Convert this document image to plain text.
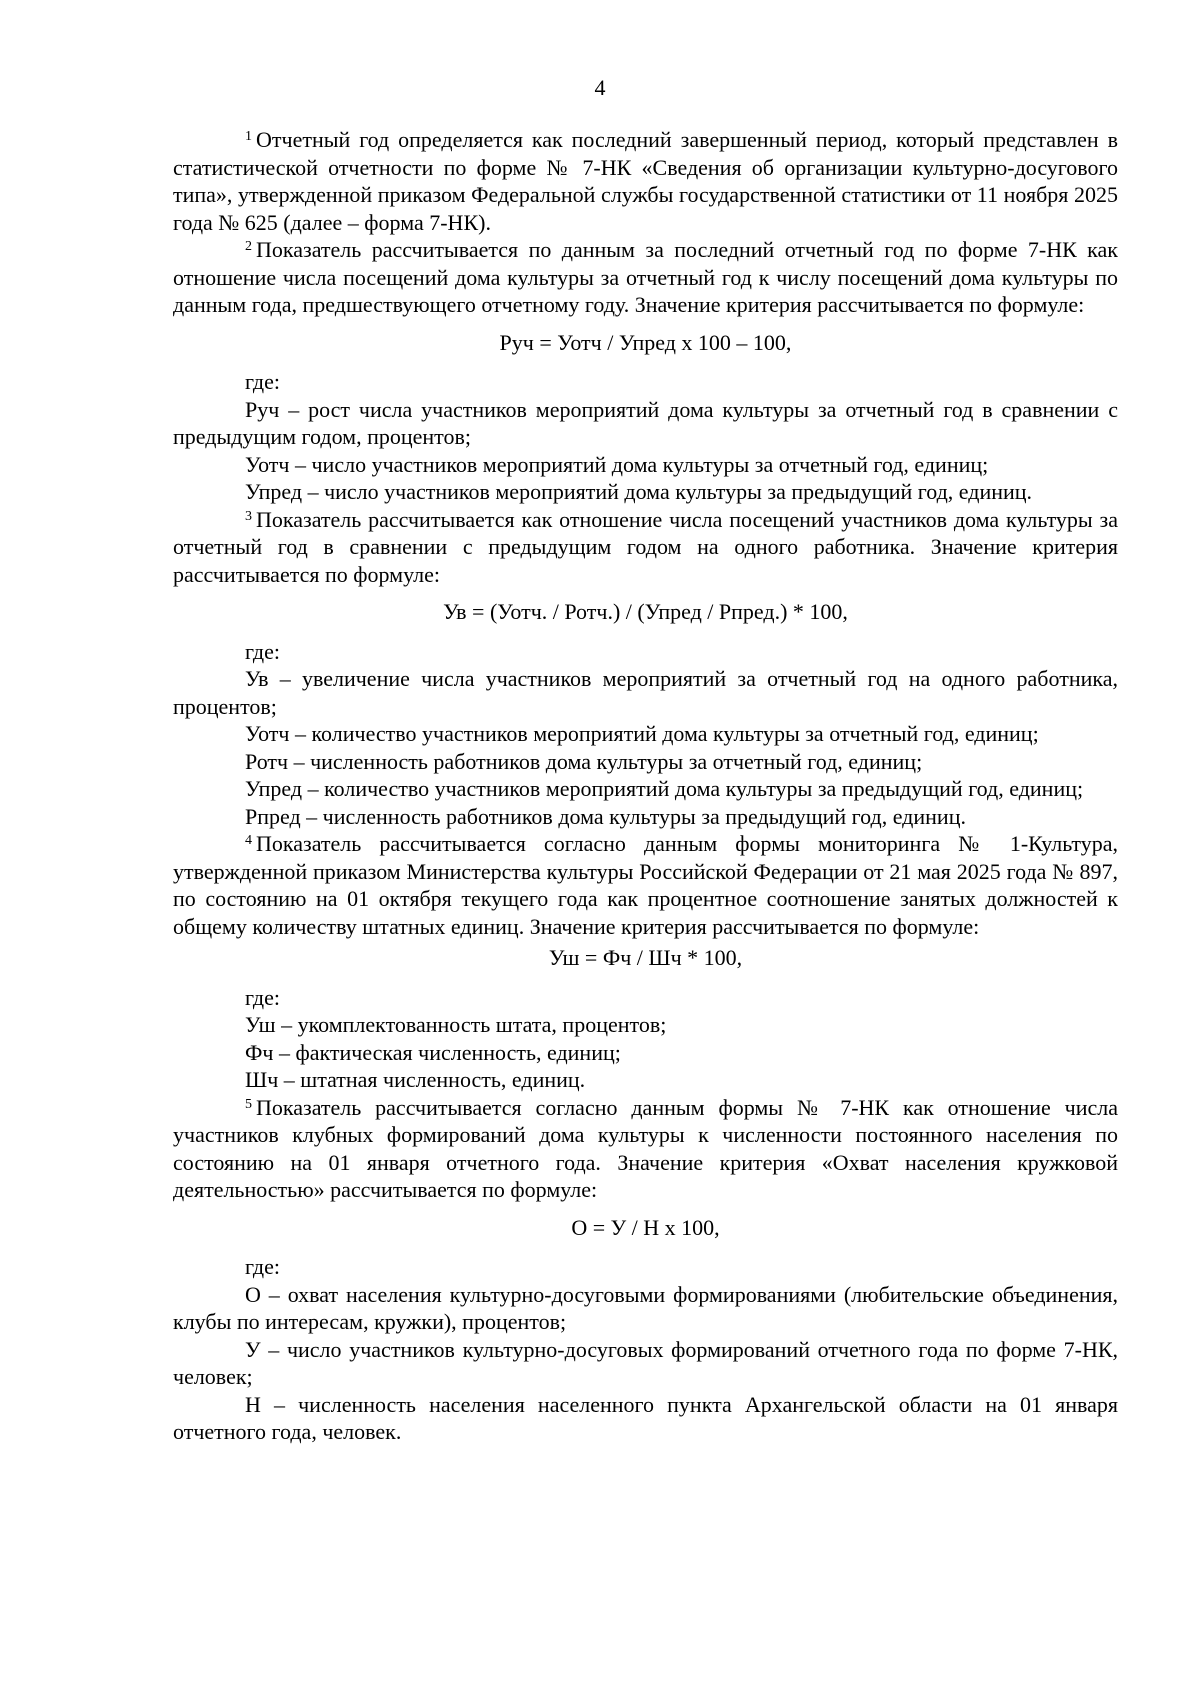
4

$^1$ Отчетный год определяется как последний завершенный период, который представлен в статистической отчетности по форме № 7-НК «Сведения об организации культурно-досугового типа», утвержденной приказом Федеральной службы государственной статистики от 11 ноября 2025 года № 625 (далее – форма 7-НК).

$^2$ Показатель рассчитывается по данным за последний отчетный год по форме 7-НК как отношение числа посещений дома культуры за отчетный год к числу посещений дома культуры по данным года, предшествующего отчетному году. Значение критерия рассчитывается по формуле:

Руч = Уотч / Упред х 100 – 100,

где:

Руч – рост числа участников мероприятий дома культуры за отчетный год в сравнении с предыдущим годом, процентов;

Уотч – число участников мероприятий дома культуры за отчетный год, единиц;

Упред – число участников мероприятий дома культуры за предыдущий год, единиц.

$^3$ Показатель рассчитывается как отношение числа посещений участников дома культуры за отчетный год в сравнении с предыдущим годом на одного работника. Значение критерия рассчитывается по формуле:

Ув = (Уотч. / Ротч.) / (Упред / Рпред.) * 100,

где:

Ув – увеличение числа участников мероприятий за отчетный год на одного работника, процентов;

Уотч – количество участников мероприятий дома культуры за отчетный год, единиц;

Ротч – численность работников дома культуры за отчетный год, единиц;

Упред – количество участников мероприятий дома культуры за предыдущий год, единиц;

Рпред – численность работников дома культуры за предыдущий год, единиц.

$^4$ Показатель рассчитывается согласно данным формы мониторинга № 1-Культура, утвержденной приказом Министерства культуры Российской Федерации от 21 мая 2025 года № 897, по состоянию на 01 октября текущего года как процентное соотношение занятых должностей к общему количеству штатных единиц. Значение критерия рассчитывается по формуле:

Уш = Фч / Шч * 100,

где:

Уш – укомплектованность штата, процентов;

Фч – фактическая численность, единиц;

Шч – штатная численность, единиц.

$^5$ Показатель рассчитывается согласно данным формы № 7-НК как отношение числа участников клубных формирований дома культуры к численности постоянного населения по состоянию на 01 января отчетного года. Значение критерия «Охват населения кружковой деятельностью» рассчитывается по формуле:

О = У / Н х 100,

где:

О – охват населения культурно-досуговыми формированиями (любительские объединения, клубы по интересам, кружки), процентов;

У – число участников культурно-досуговых формирований отчетного года по форме 7-НК, человек;

Н – численность населения населенного пункта Архангельской области на 01 января отчетного года, человек.
